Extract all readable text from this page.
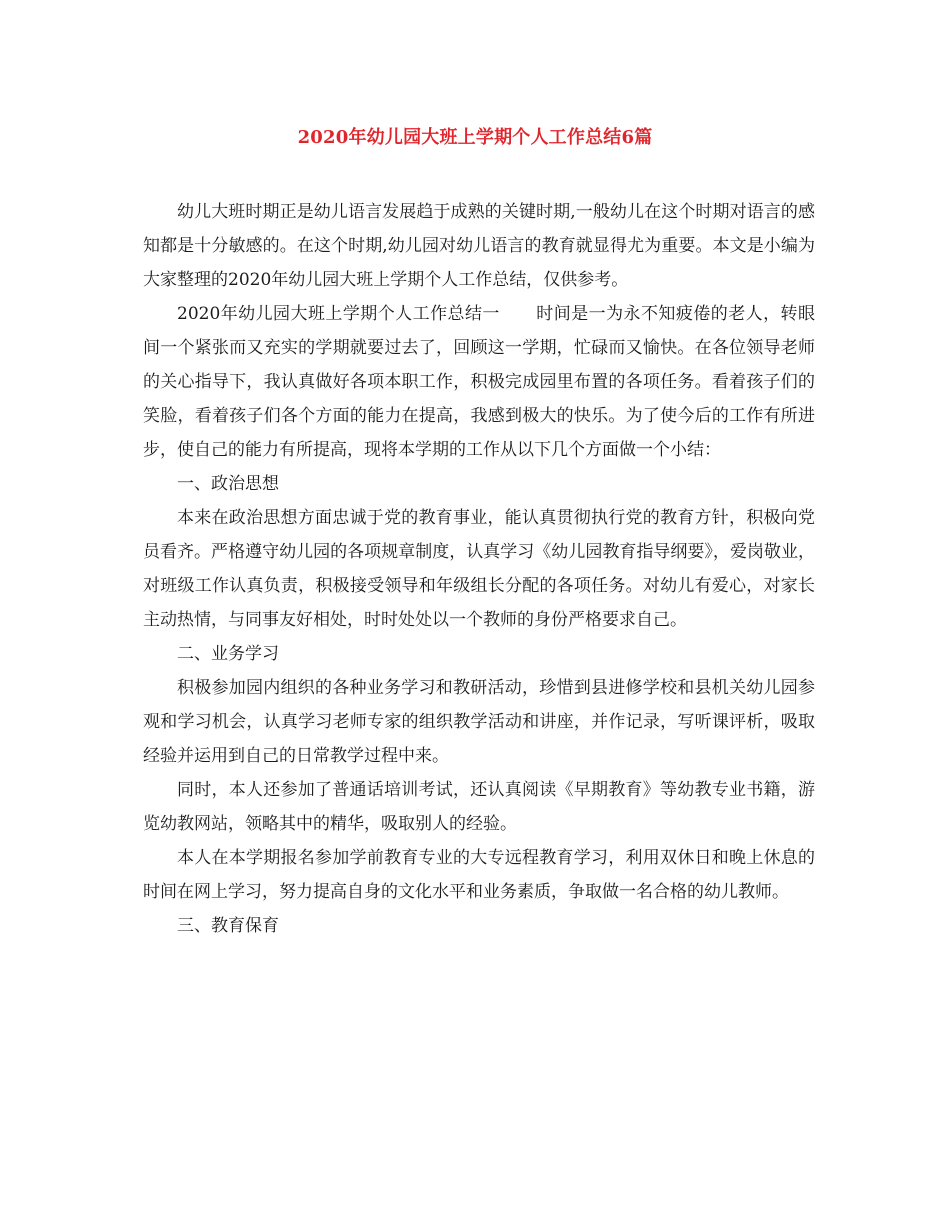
2020年幼儿园大班上学期个人工作总结6篇

幼儿大班时期正是幼儿语言发展趋于成熟的关键时期,一般幼儿在这个时期对语言的感知都是十分敏感的。在这个时期,幼儿园对幼儿语言的教育就显得尤为重要。本文是小编为大家整理的2020年幼儿园大班上学期个人工作总结，仅供参考。

2020年幼儿园大班上学期个人工作总结一 时间是一为永不知疲倦的老人，转眼间一个紧张而又充实的学期就要过去了，回顾这一学期，忙碌而又愉快。在各位领导老师的关心指导下，我认真做好各项本职工作，积极完成园里布置的各项任务。看着孩子们的笑脸，看着孩子们各个方面的能力在提高，我感到极大的快乐。为了使今后的工作有所进步，使自己的能力有所提高，现将本学期的工作从以下几个方面做一个小结：

一、政治思想

本来在政治思想方面忠诚于党的教育事业，能认真贯彻执行党的教育方针，积极向党员看齐。严格遵守幼儿园的各项规章制度，认真学习《幼儿园教育指导纲要》，爱岗敬业，对班级工作认真负责，积极接受领导和年级组长分配的各项任务。对幼儿有爱心，对家长主动热情，与同事友好相处，时时处处以一个教师的身份严格要求自己。

二、业务学习

积极参加园内组织的各种业务学习和教研活动，珍惜到县进修学校和县机关幼儿园参观和学习机会，认真学习老师专家的组织教学活动和讲座，并作记录，写听课评析，吸取经验并运用到自己的日常教学过程中来。

同时，本人还参加了普通话培训考试，还认真阅读《早期教育》等幼教专业书籍，游览幼教网站，领略其中的精华，吸取别人的经验。

本人在本学期报名参加学前教育专业的大专远程教育学习，利用双休日和晚上休息的时间在网上学习，努力提高自身的文化水平和业务素质，争取做一名合格的幼儿教师。

三、教育保育
